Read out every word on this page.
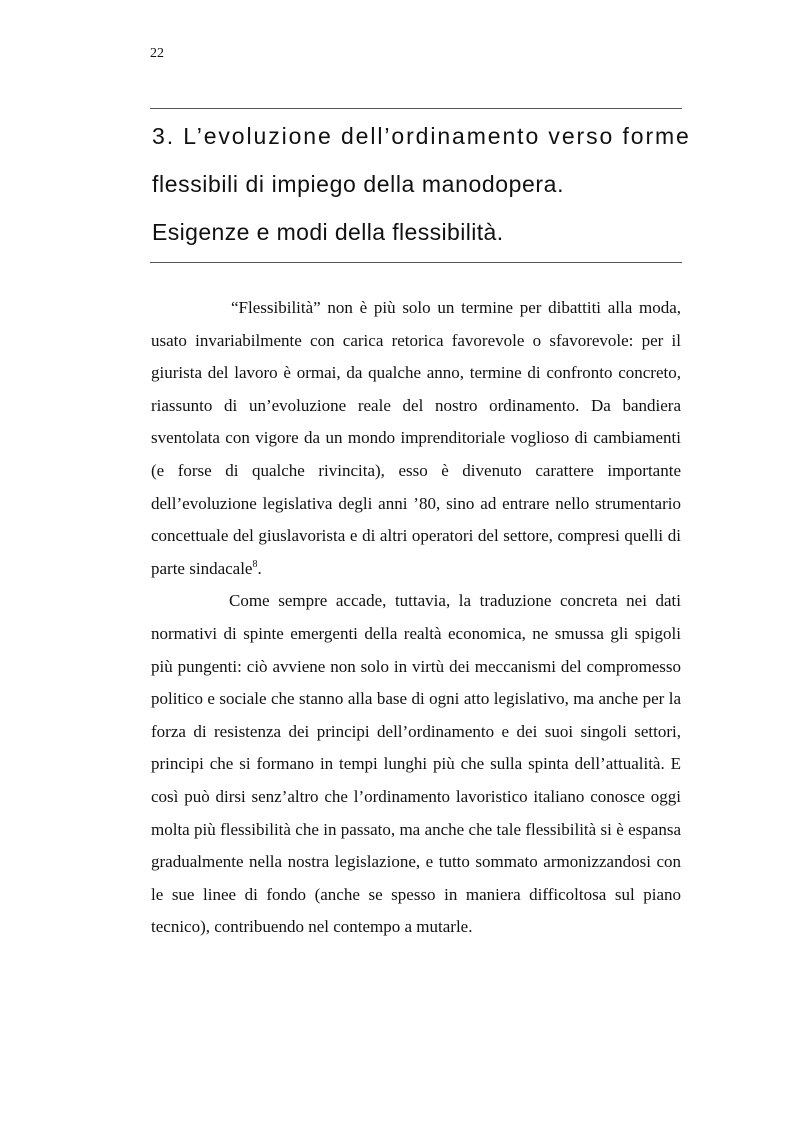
22
3. L’evoluzione dell’ordinamento verso forme
flessibili di impiego della manodopera.
Esigenze e modi della flessibilità.

“Flessibilità” non è più solo un termine per dibattiti alla moda, usato invariabilmente con carica retorica favorevole o sfavorevole: per il giurista del lavoro è ormai, da qualche anno, termine di confronto concreto, riassunto di un’evoluzione reale del nostro ordinamento. Da bandiera sventolata con vigore da un mondo imprenditoriale voglioso di cambiamenti (e forse di qualche rivincita), esso è divenuto carattere importante dell’evoluzione legislativa degli anni ’80, sino ad entrare nello strumentario concettuale del giuslavorista e di altri operatori del settore, compresi quelli di parte sindacale$^8$.

Come sempre accade, tuttavia, la traduzione concreta nei dati normativi di spinte emergenti della realtà economica, ne smussa gli spigoli più pungenti: ciò avviene non solo in virtù dei meccanismi del compromesso politico e sociale che stanno alla base di ogni atto legislativo, ma anche per la forza di resistenza dei principi dell’ordinamento e dei suoi singoli settori, principi che si formano in tempi lunghi più che sulla spinta dell’attualità. E così può dirsi senz’altro che l’ordinamento lavoristico italiano conosce oggi molta più flessibilità che in passato, ma anche che tale flessibilità si è espansa gradualmente nella nostra legislazione, e tutto sommato armonizzandosi con le sue linee di fondo (anche se spesso in maniera difficoltosa sul piano tecnico), contribuendo nel contempo a mutarle.
